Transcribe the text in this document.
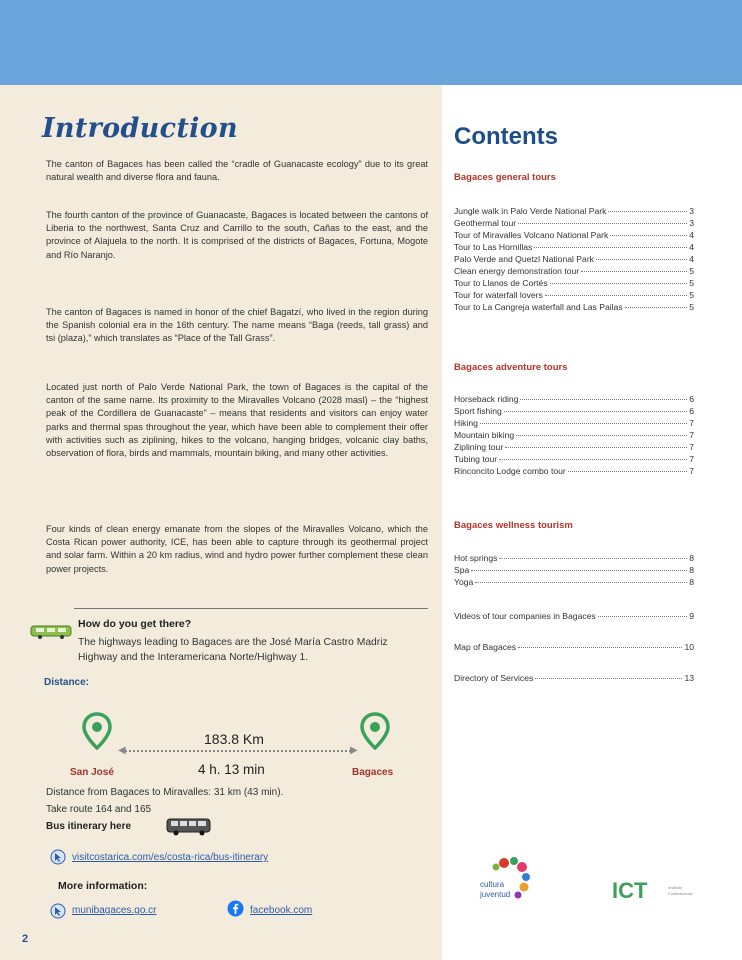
Introduction

The canton of Bagaces has been called the “cradle of Guanacaste ecology” due to its great natural wealth and diverse flora and fauna.

The fourth canton of the province of Guanacaste, Bagaces is located between the cantons of Liberia to the northwest, Santa Cruz and Carrillo to the south, Cañas to the east, and the province of Alajuela to the north. It is comprised of the districts of Bagaces, Fortuna, Mogote and Río Naranjo.

The canton of Bagaces is named in honor of the chief Bagatzí, who lived in the region during the Spanish colonial era in the 16th century. The name means “Baga (reeds, tall grass) and tsi (plaza),” which translates as “Place of the Tall Grass”.

Located just north of Palo Verde National Park, the town of Bagaces is the capital of the canton of the same name. Its proximity to the Miravalles Volcano (2028 masl) – the “highest peak of the Cordillera de Guanacaste” – means that residents and visitors can enjoy water parks and thermal spas throughout the year, which have been able to complement their offer with activities such as ziplining, hikes to the volcano, hanging bridges, volcanic clay baths, observation of flora, birds and mammals, mountain biking, and many other activities.

Four kinds of clean energy emanate from the slopes of the Miravalles Volcano, which the Costa Rican power authority, ICE, has been able to capture through its geothermal project and solar farm. Within a 20 km radius, wind and hydro power further complement these clean power projects.

How do you get there?
The highways leading to Bagaces are the José María Castro Madriz Highway and the Interamericana Norte/Highway 1.
Distance:
◀	▶
183.8 Km
4 h. 13 min
San José	Bagaces
Distance from Bagaces to Miravalles: 31 km (43 min).
Take route 164 and 165
Bus itinerary here
visitcostarica.com/es/costa-rica/bus-itinerary
More information:
munibagaces.go.cr	facebook.com
2
Contents
Bagaces general tours
Jungle walk in Palo Verde National Park	3
Geothermal tour	3
Tour of Miravalles Volcano National Park	4
Tour to Las Hornillas	4
Palo Verde and Quetzl National Park	4
Clean energy demonstration tour	5
Tour to Llanos de Cortés	5
Tour for waterfall lovers	5
Tour to La Cangreja waterfall and Las Pailas	5
Bagaces adventure tours
Horseback riding	6
Sport fishing	6
Hiking	7
Mountain biking	7
Ziplining tour	7
Tubing tour	7
Rinconcito Lodge combo tour	7
Bagaces wellness tourism
Hot springs	8
Spa	8
Yoga	8
Videos of tour companies in Bagaces	9
Map of Bagaces	10
Directory of Services	13
cultura
juventud	ICT	Instituto
Costarricense
